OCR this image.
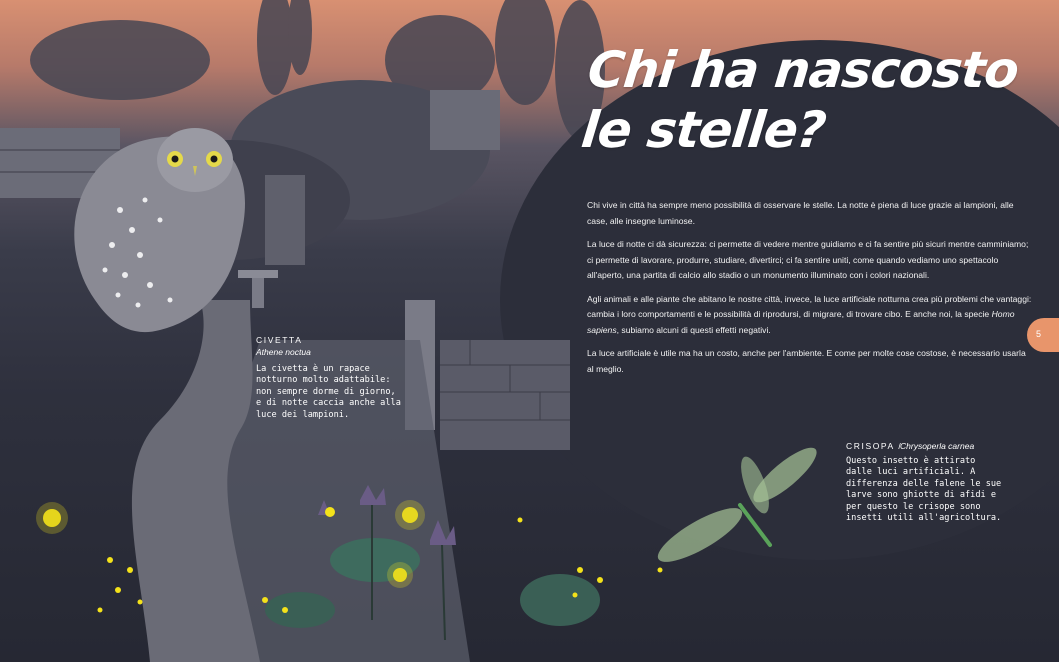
Chi ha nascosto
le stelle?

Chi vive in città ha sempre meno possibilità di osservare le stelle. La notte è piena di luce grazie ai lampioni, alle case, alle insegne luminose.

La luce di notte ci dà sicurezza: ci permette di vedere mentre guidiamo e ci fa sentire più sicuri mentre camminiamo; ci permette di lavorare, produrre, studiare, divertirci; ci fa sentire uniti, come quando vediamo uno spettacolo all'aperto, una partita di calcio allo stadio o un monumento illuminato con i colori nazionali.

Agli animali e alle piante che abitano le nostre città, invece, la luce artificiale notturna crea più problemi che vantaggi: cambia i loro comportamenti e le possibilità di riprodursi, di migrare, di trovare cibo. E anche noi, la specie Homo sapiens, subiamo alcuni di questi effetti negativi.

La luce artificiale è utile ma ha un costo, anche per l'ambiente. E come per molte cose costose, è necessario usarla al meglio.

5
CIVETTA
Athene noctua
La civetta è un rapace
notturno molto adattabile:
non sempre dorme di giorno,
e di notte caccia anche alla
luce dei lampioni.
CRISOPA /
Chrysoperla carnea
Questo insetto è attirato
dalle luci artificiali. A
differenza delle falene le sue
larve sono ghiotte di afidi e
per questo le crisope sono
insetti utili all'agricoltura.
